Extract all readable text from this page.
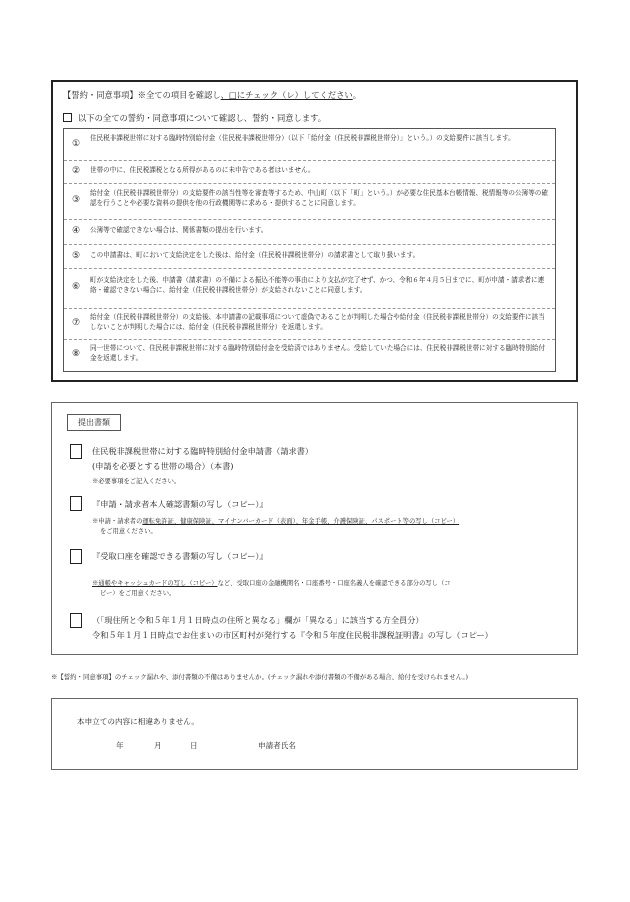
【誓約・同意事項】※全ての項目を確認し、□にチェック（レ）してください。
以下の全ての誓約・同意事項について確認し、誓約・同意します。
①
住民税非課税世帯に対する臨時特別給付金（住民税非課税世帯分）（以下「給付金（住民税非課税世帯分）」という。）の支給要件に該当します。
②	世帯の中に、住民税課税となる所得があるのに未申告である者はいません。
③
給付金（住民税非課税世帯分）の支給要件の該当性等を審査等するため、中山町（以下「町」という。）が必要な住民基本台帳情報、税情報等の公簿等の確認を行うことや必要な資料の提供を他の行政機関等に求める・提供することに同意します。
④	公簿等で確認できない場合は、関係書類の提出を行います。
⑤	この申請書は、町において支給決定をした後は、給付金（住民税非課税世帯分）の請求書として取り扱います。
⑥
町が支給決定をした後、申請書（請求書）の不備による振込不能等の事由により支払が完了せず、かつ、令和６年４月５日までに、町が申請・請求者に連絡・確認できない場合に、給付金（住民税非課税世帯分）が支給されないことに同意します。
⑦
給付金（住民税非課税世帯分）の支給後、本申請書の記載事項について虚偽であることが判明した場合や給付金（住民税非課税世帯分）の支給要件に該当しないことが判明した場合には、給付金（住民税非課税世帯分）を返還します。
⑧
同一世帯について、住民税非課税世帯に対する臨時特別給付金を受給済ではありません。受給していた場合には、住民税非課税世帯に対する臨時特別給付金を返還します。
提出書類
住民税非課税世帯に対する臨時特別給付金申請書（請求書）
(申請を必要とする世帯の場合）（本書)
※必要事項をご記入ください。
『申請・請求者本人確認書類の写し（コピー）』
※申請・請求者の運転免許証、健康保険証、マイナンバーカード（表面）、年金手帳、介護保険証、パスポート等の写し（コピー）
をご用意ください。
『受取口座を確認できる書類の写し（コピー）』
※通帳やキャッシュカードの写し（コピー）など、受取口座の金融機関名・口座番号・口座名義人を確認できる部分の写し（コ
ピー）をご用意ください。
（「現住所と令和５年１月１日時点の住所と異なる」欄が「異なる」に該当する方全員分）
令和５年１月１日時点でお住まいの市区町村が発行する『令和５年度住民税非課税証明書』の写し（コピー）
※【誓約・同意事項】のチェック漏れや、添付書類の不備はありませんか。(チェック漏れや添付書類の不備がある場合、給付を受けられません。)
本申立ての内容に相違ありません。
年	月	日	申請者氏名
